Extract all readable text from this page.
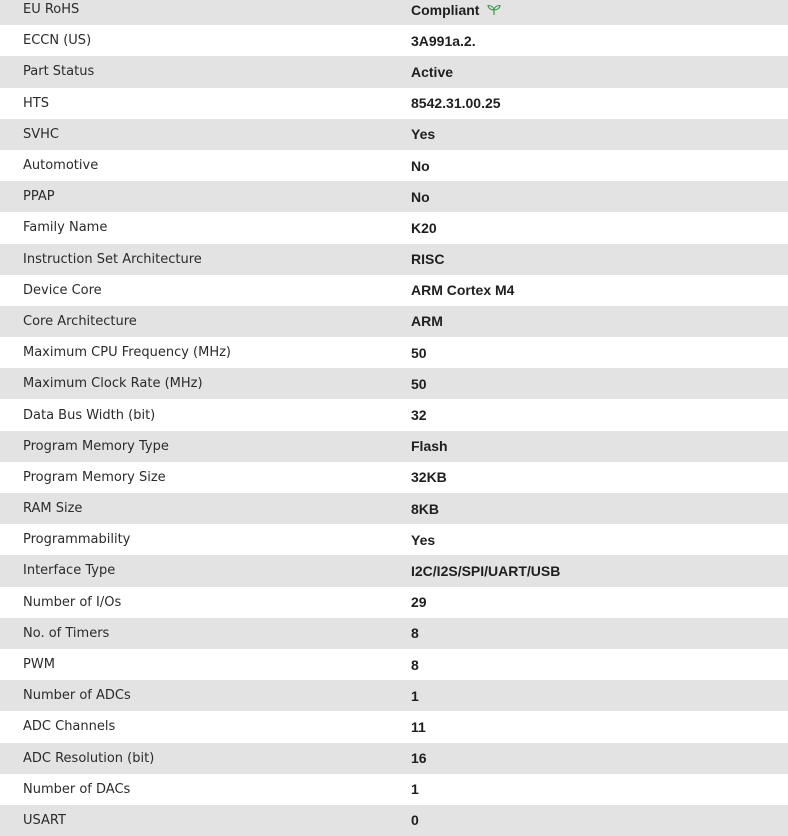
EU RoHS	Compliant
ECCN (US)	3A991a.2.
Part Status	Active
HTS	8542.31.00.25
SVHC	Yes
Automotive	No
PPAP	No
Family Name	K20
Instruction Set Architecture	RISC
Device Core	ARM Cortex M4
Core Architecture	ARM
Maximum CPU Frequency (MHz)	50
Maximum Clock Rate (MHz)	50
Data Bus Width (bit)	32
Program Memory Type	Flash
Program Memory Size	32KB
RAM Size	8KB
Programmability	Yes
Interface Type	I2C/I2S/SPI/UART/USB
Number of I/Os	29
No. of Timers	8
PWM	8
Number of ADCs	1
ADC Channels	11
ADC Resolution (bit)	16
Number of DACs	1
USART	0
